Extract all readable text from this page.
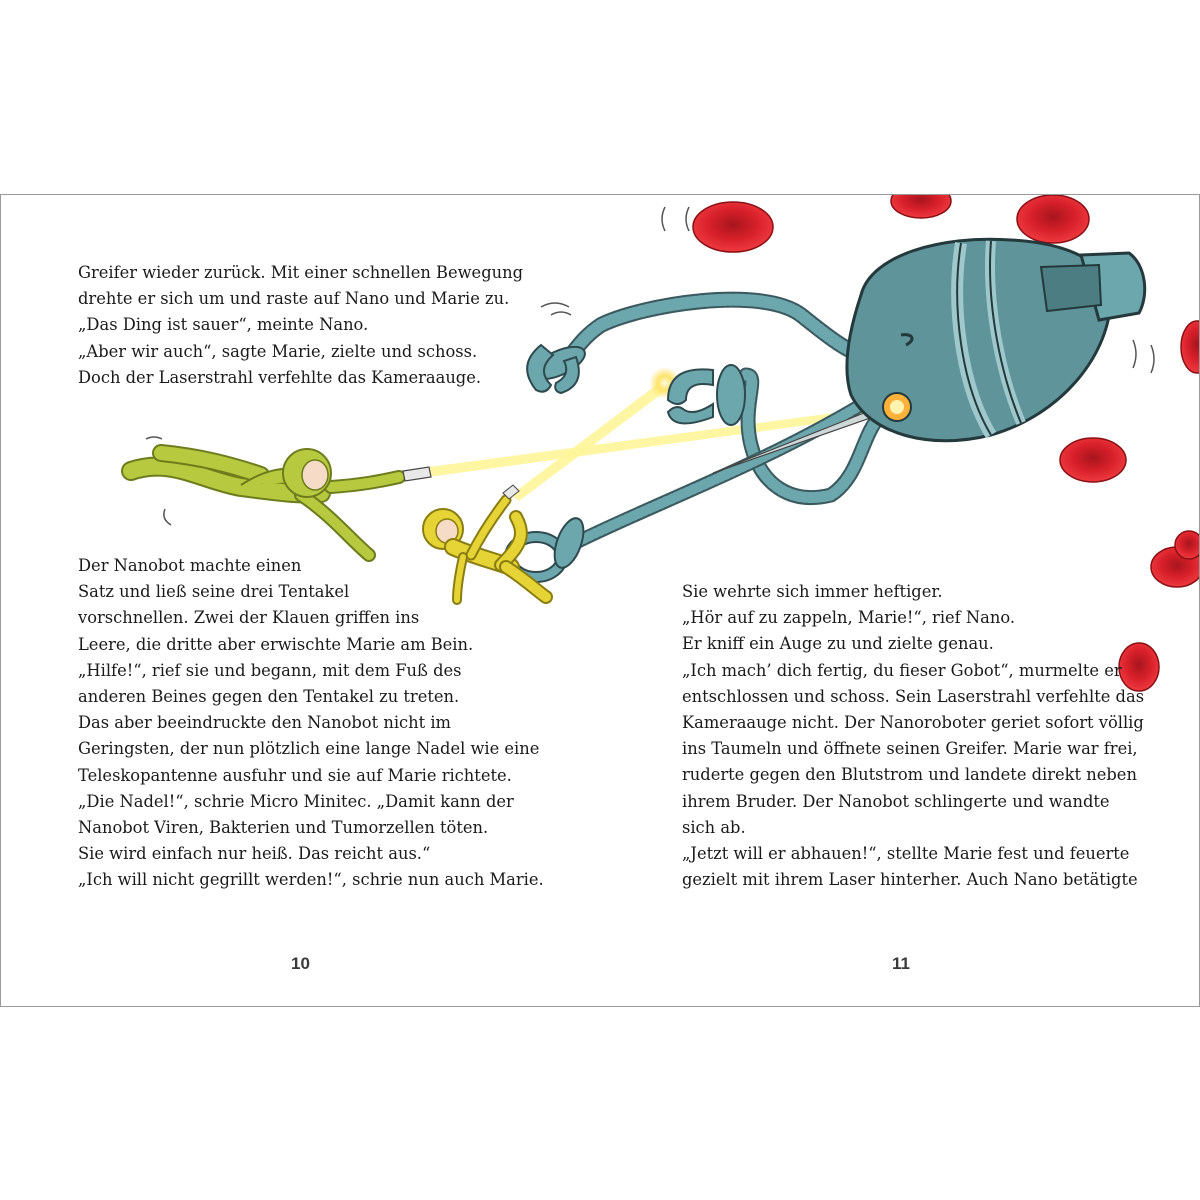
Greifer wieder zurück. Mit einer schnellen Bewegung
drehte er sich um und raste auf Nano und Marie zu.
„Das Ding ist sauer“, meinte Nano.
„Aber wir auch“, sagte Marie, zielte und schoss.
Doch der Laserstrahl verfehlte das Kameraauge.
Der Nanobot machte einen
Satz und ließ seine drei Tentakel
vorschnellen. Zwei der Klauen griffen ins
Leere, die dritte aber erwischte Marie am Bein.
„Hilfe!“, rief sie und begann, mit dem Fuß des
anderen Beines gegen den Tentakel zu treten.
Das aber beeindruckte den Nanobot nicht im
Geringsten, der nun plötzlich eine lange Nadel wie eine
Teleskopantenne ausfuhr und sie auf Marie richtete.
„Die Nadel!“, schrie Micro Minitec. „Damit kann der
Nanobot Viren, Bakterien und Tumorzellen töten.
Sie wird einfach nur heiß. Das reicht aus.“
„Ich will nicht gegrillt werden!“, schrie nun auch Marie.
Sie wehrte sich immer heftiger.
„Hör auf zu zappeln, Marie!“, rief Nano.
Er kniff ein Auge zu und zielte genau.
„Ich mach’ dich fertig, du fieser Gobot“, murmelte er
entschlossen und schoss. Sein Laserstrahl verfehlte das
Kameraauge nicht. Der Nanoroboter geriet sofort völlig
ins Taumeln und öffnete seinen Greifer. Marie war frei,
ruderte gegen den Blutstrom und landete direkt neben
ihrem Bruder. Der Nanobot schlingerte und wandte
sich ab.
„Jetzt will er abhauen!“, stellte Marie fest und feuerte
gezielt mit ihrem Laser hinterher. Auch Nano betätigte
10	11
